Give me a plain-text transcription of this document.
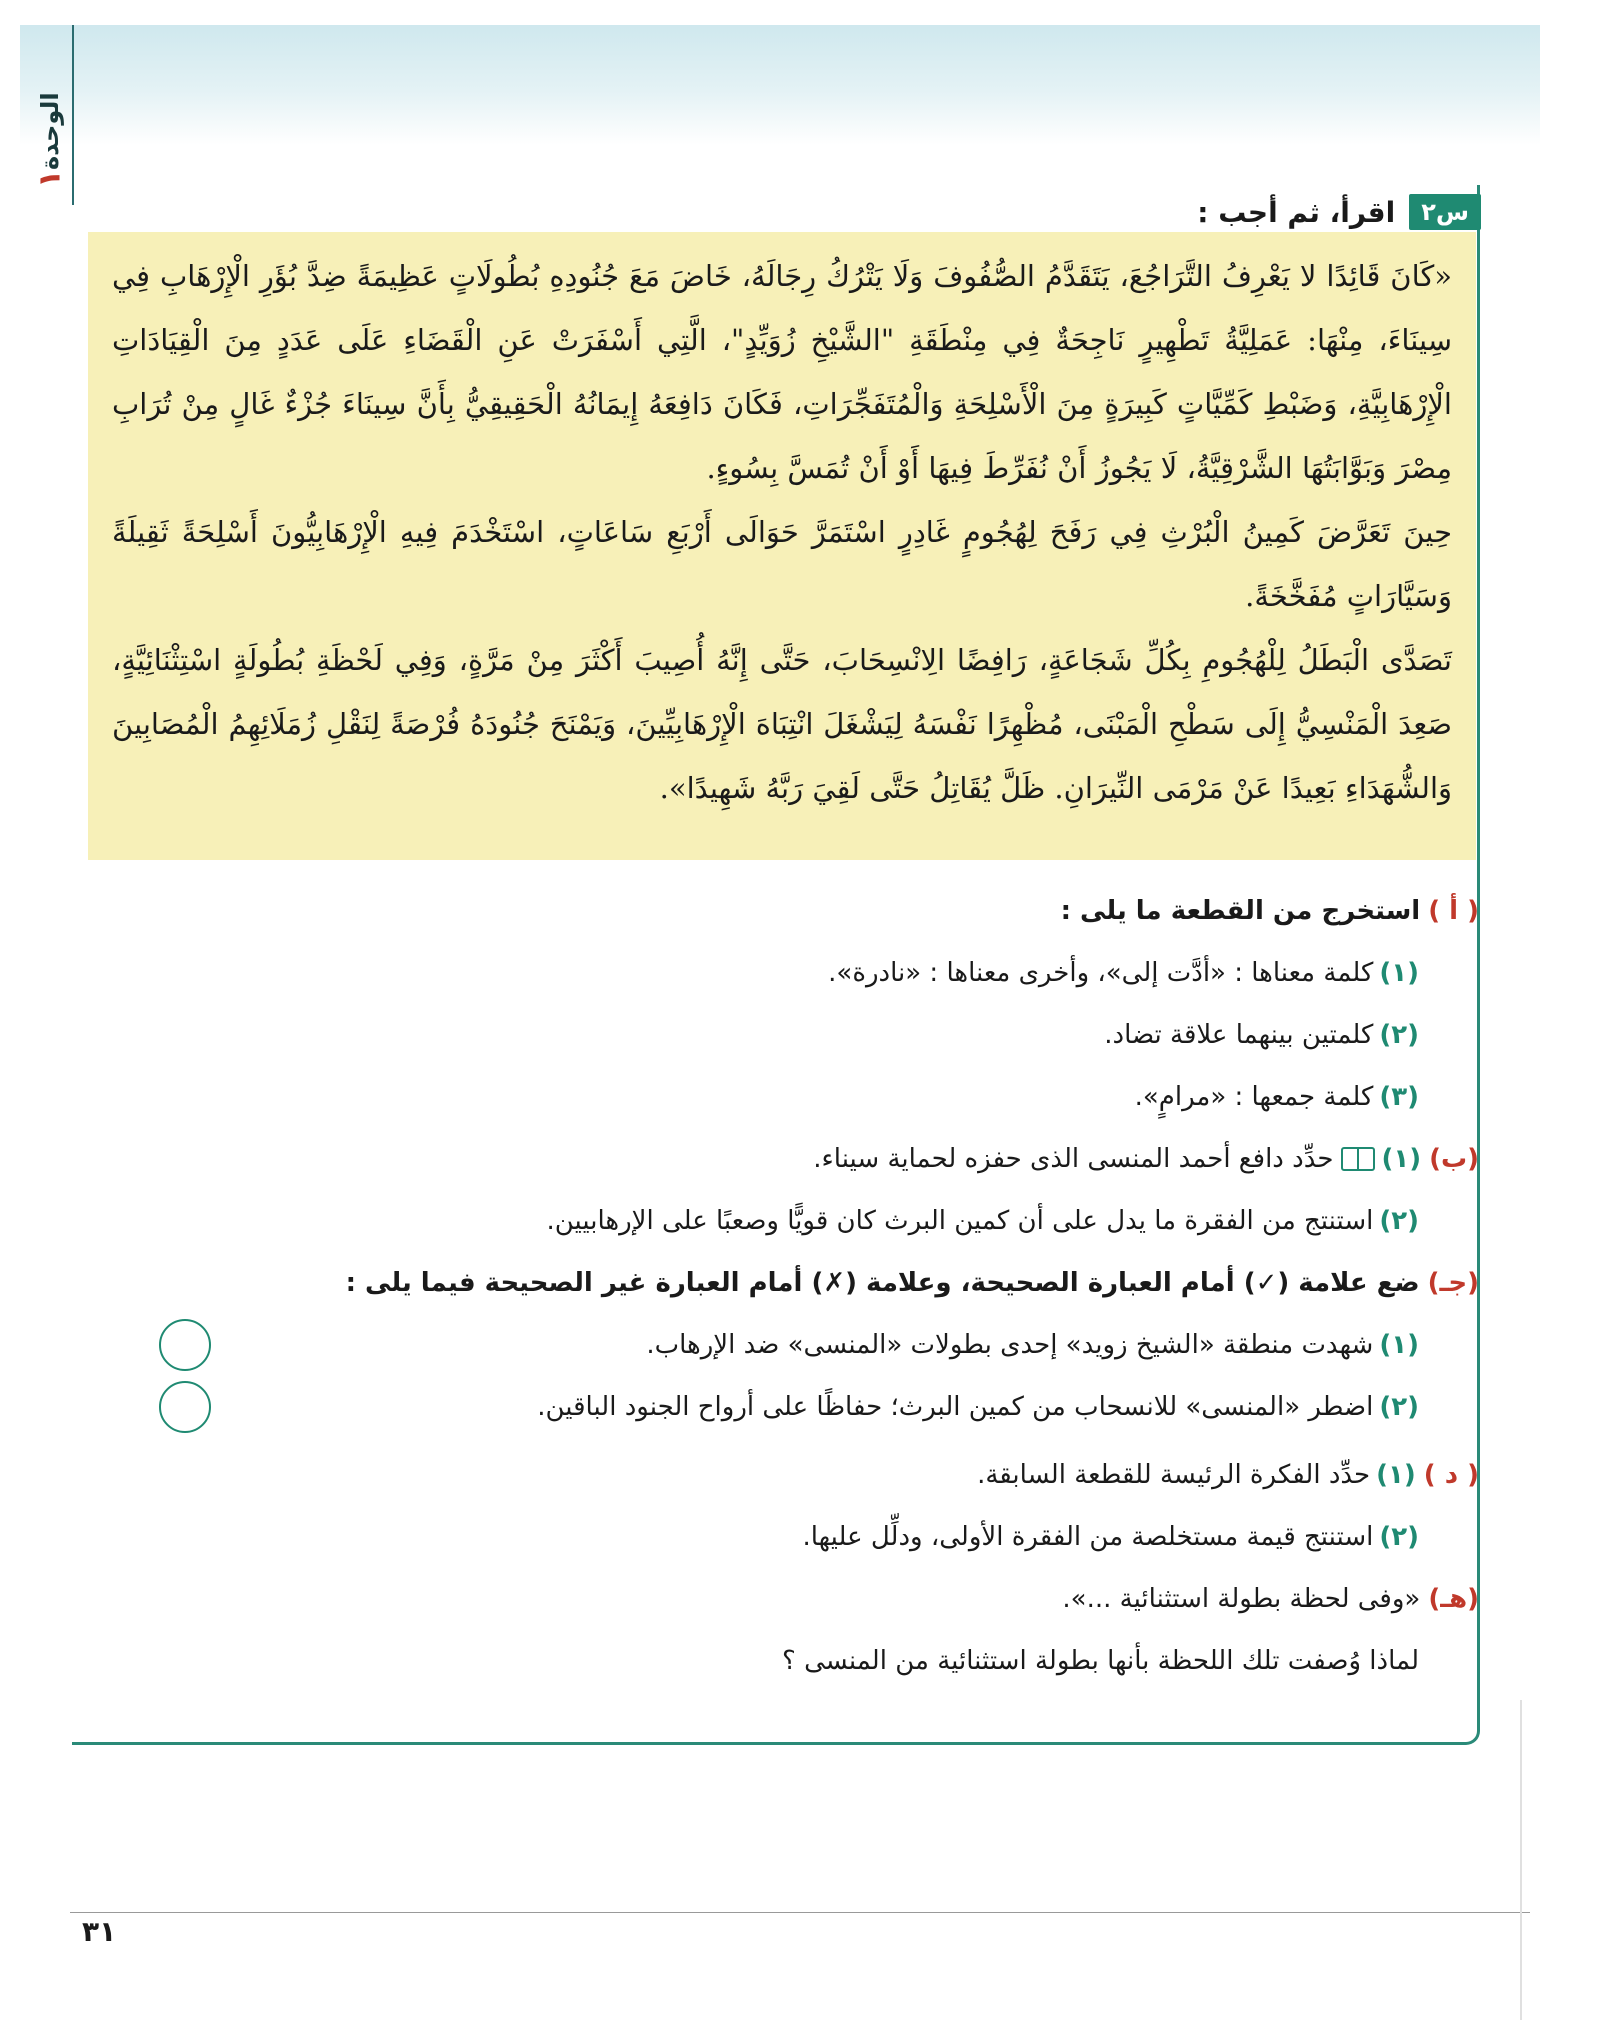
الوحدة
١
س٢
اقرأ، ثم أجب :

«كَانَ قَائِدًا لا يَعْرِفُ التَّرَاجُعَ، يَتَقَدَّمُ الصُّفُوفَ وَلَا يَتْرُكُ رِجَالَهُ، خَاضَ مَعَ جُنُودِهِ بُطُولَاتٍ عَظِيمَةً ضِدَّ بُؤَرِ الْإِرْهَابِ فِي سِينَاءَ، مِنْهَا: عَمَلِيَّةُ تَطْهِيرٍ نَاجِحَةٌ فِي مِنْطَقَةِ "الشَّيْخِ زُوَيِّدٍ"، الَّتِي أَسْفَرَتْ عَنِ الْقَضَاءِ عَلَى عَدَدٍ مِنَ الْقِيَادَاتِ الْإِرْهَابِيَّةِ، وَضَبْطِ كَمِّيَّاتٍ كَبِيرَةٍ مِنَ الْأَسْلِحَةِ وَالْمُتَفَجِّرَاتِ، فَكَانَ دَافِعَهُ إِيمَانُهُ الْحَقِيقِيُّ بِأَنَّ سِينَاءَ جُزْءٌ غَالٍ مِنْ تُرَابِ مِصْرَ وَبَوَّابَتُهَا الشَّرْقِيَّةُ، لَا يَجُوزُ أَنْ نُفَرِّطَ فِيهَا أَوْ أَنْ تُمَسَّ بِسُوءٍ.

حِينَ تَعَرَّضَ كَمِينُ الْبُرْثِ فِي رَفَحَ لِهُجُومٍ غَادِرٍ اسْتَمَرَّ حَوَالَى أَرْبَعِ سَاعَاتٍ، اسْتَخْدَمَ فِيهِ الْإِرْهَابِيُّونَ أَسْلِحَةً ثَقِيلَةً وَسَيَّارَاتٍ مُفَخَّخَةً.

تَصَدَّى الْبَطَلُ لِلْهُجُومِ بِكُلِّ شَجَاعَةٍ، رَافِضًا الِانْسِحَابَ، حَتَّى إِنَّهُ أُصِيبَ أَكْثَرَ مِنْ مَرَّةٍ، وَفِي لَحْظَةِ بُطُولَةٍ اسْتِثْنَائِيَّةٍ، صَعِدَ الْمَنْسِيُّ إِلَى سَطْحِ الْمَبْنَى، مُظْهِرًا نَفْسَهُ لِيَشْغَلَ انْتِبَاهَ الْإِرْهَابِيِّينَ، وَيَمْنَحَ جُنُودَهُ فُرْصَةً لِنَقْلِ زُمَلَائِهِمُ الْمُصَابِينَ وَالشُّهَدَاءِ بَعِيدًا عَنْ مَرْمَى النِّيرَانِ. ظَلَّ يُقَاتِلُ حَتَّى لَقِيَ رَبَّهُ شَهِيدًا».

( أ )
استخرج من القطعة ما يلى :
(١)
كلمة معناها : «أدَّت إلى»، وأخرى معناها : «نادرة».
(٢)
كلمتين بينهما علاقة تضاد.
(٣)
كلمة جمعها : «مرامٍ».
(ب)
(١)
حدِّد دافع أحمد المنسى الذى حفزه لحماية سيناء.
(٢)
استنتج من الفقرة ما يدل على أن كمين البرث كان قويًّا وصعبًا على الإرهابيين.
(جـ)
ضع علامة (✓) أمام العبارة الصحيحة، وعلامة (✗) أمام العبارة غير الصحيحة فيما يلى :
(١)
شهدت منطقة «الشيخ زويد» إحدى بطولات «المنسى» ضد الإرهاب.
(٢)
اضطر «المنسى» للانسحاب من كمين البرث؛ حفاظًا على أرواح الجنود الباقين.
( د )
(١)
حدِّد الفكرة الرئيسة للقطعة السابقة.
(٢)
استنتج قيمة مستخلصة من الفقرة الأولى، ودلِّل عليها.
(هـ)
«وفى لحظة بطولة استثنائية ...».
لماذا وُصفت تلك اللحظة بأنها بطولة استثنائية من المنسى ؟
٣١
